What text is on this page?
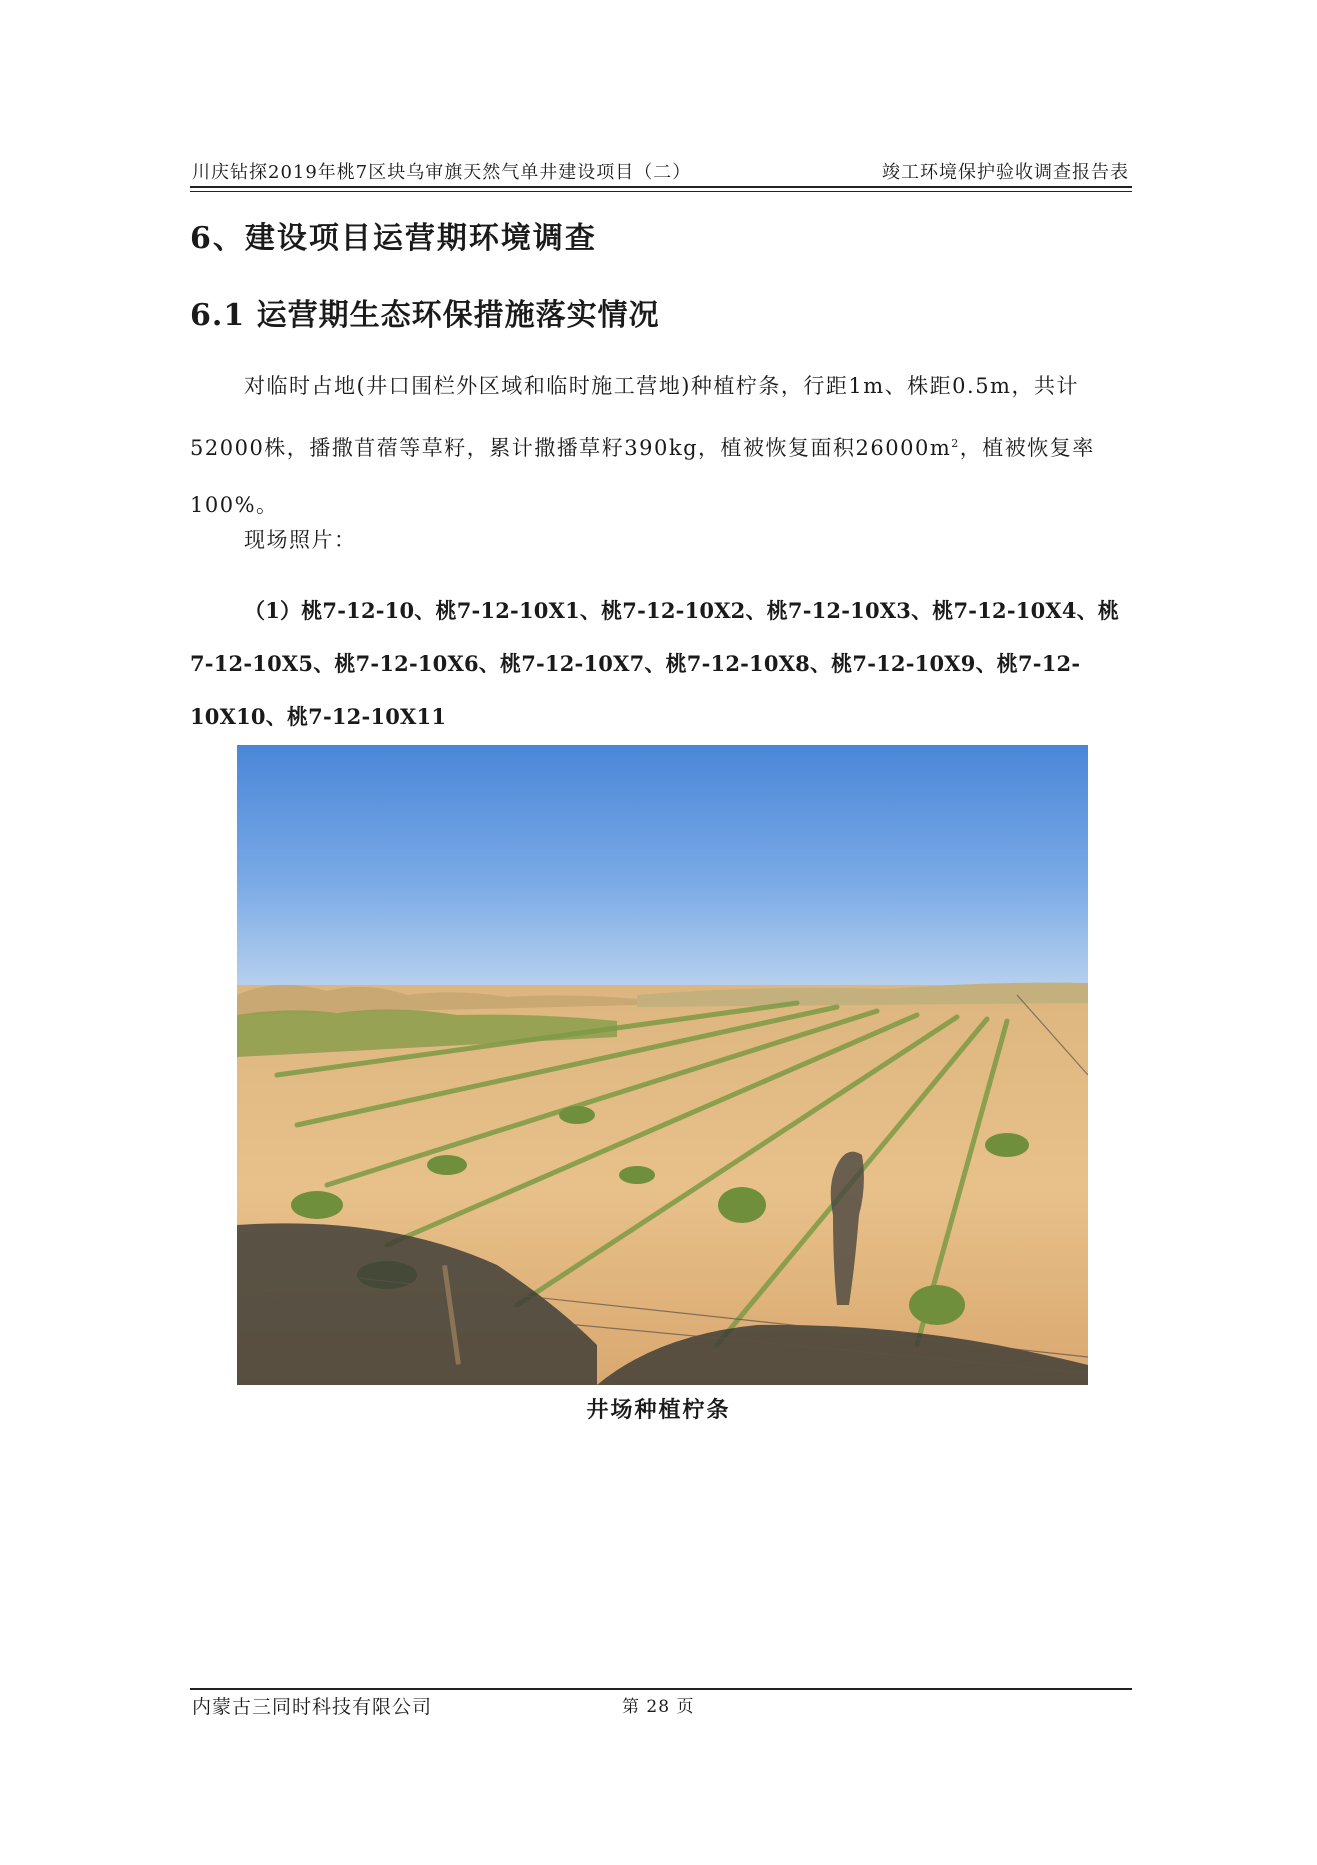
川庆钻探2019年桃7区块乌审旗天然气单井建设项目（二）	竣工环境保护验收调查报告表
6、建设项目运营期环境调查
6.1 运营期生态环保措施落实情况
对临时占地(井口围栏外区域和临时施工营地)种植柠条，行距1m、株距0.5m，共计52000株，播撒苜蓿等草籽，累计撒播草籽390kg，植被恢复面积$26000m^2$，植被恢复率100%。
现场照片：
（1）桃7-12-10、桃7-12-10X1、桃7-12-10X2、桃7-12-10X3、桃7-12-10X4、桃7-12-10X5、桃7-12-10X6、桃7-12-10X7、桃7-12-10X8、桃7-12-10X9、桃7-12-10X10、桃7-12-10X11
井场种植柠条
内蒙古三同时科技有限公司	第 28 页
